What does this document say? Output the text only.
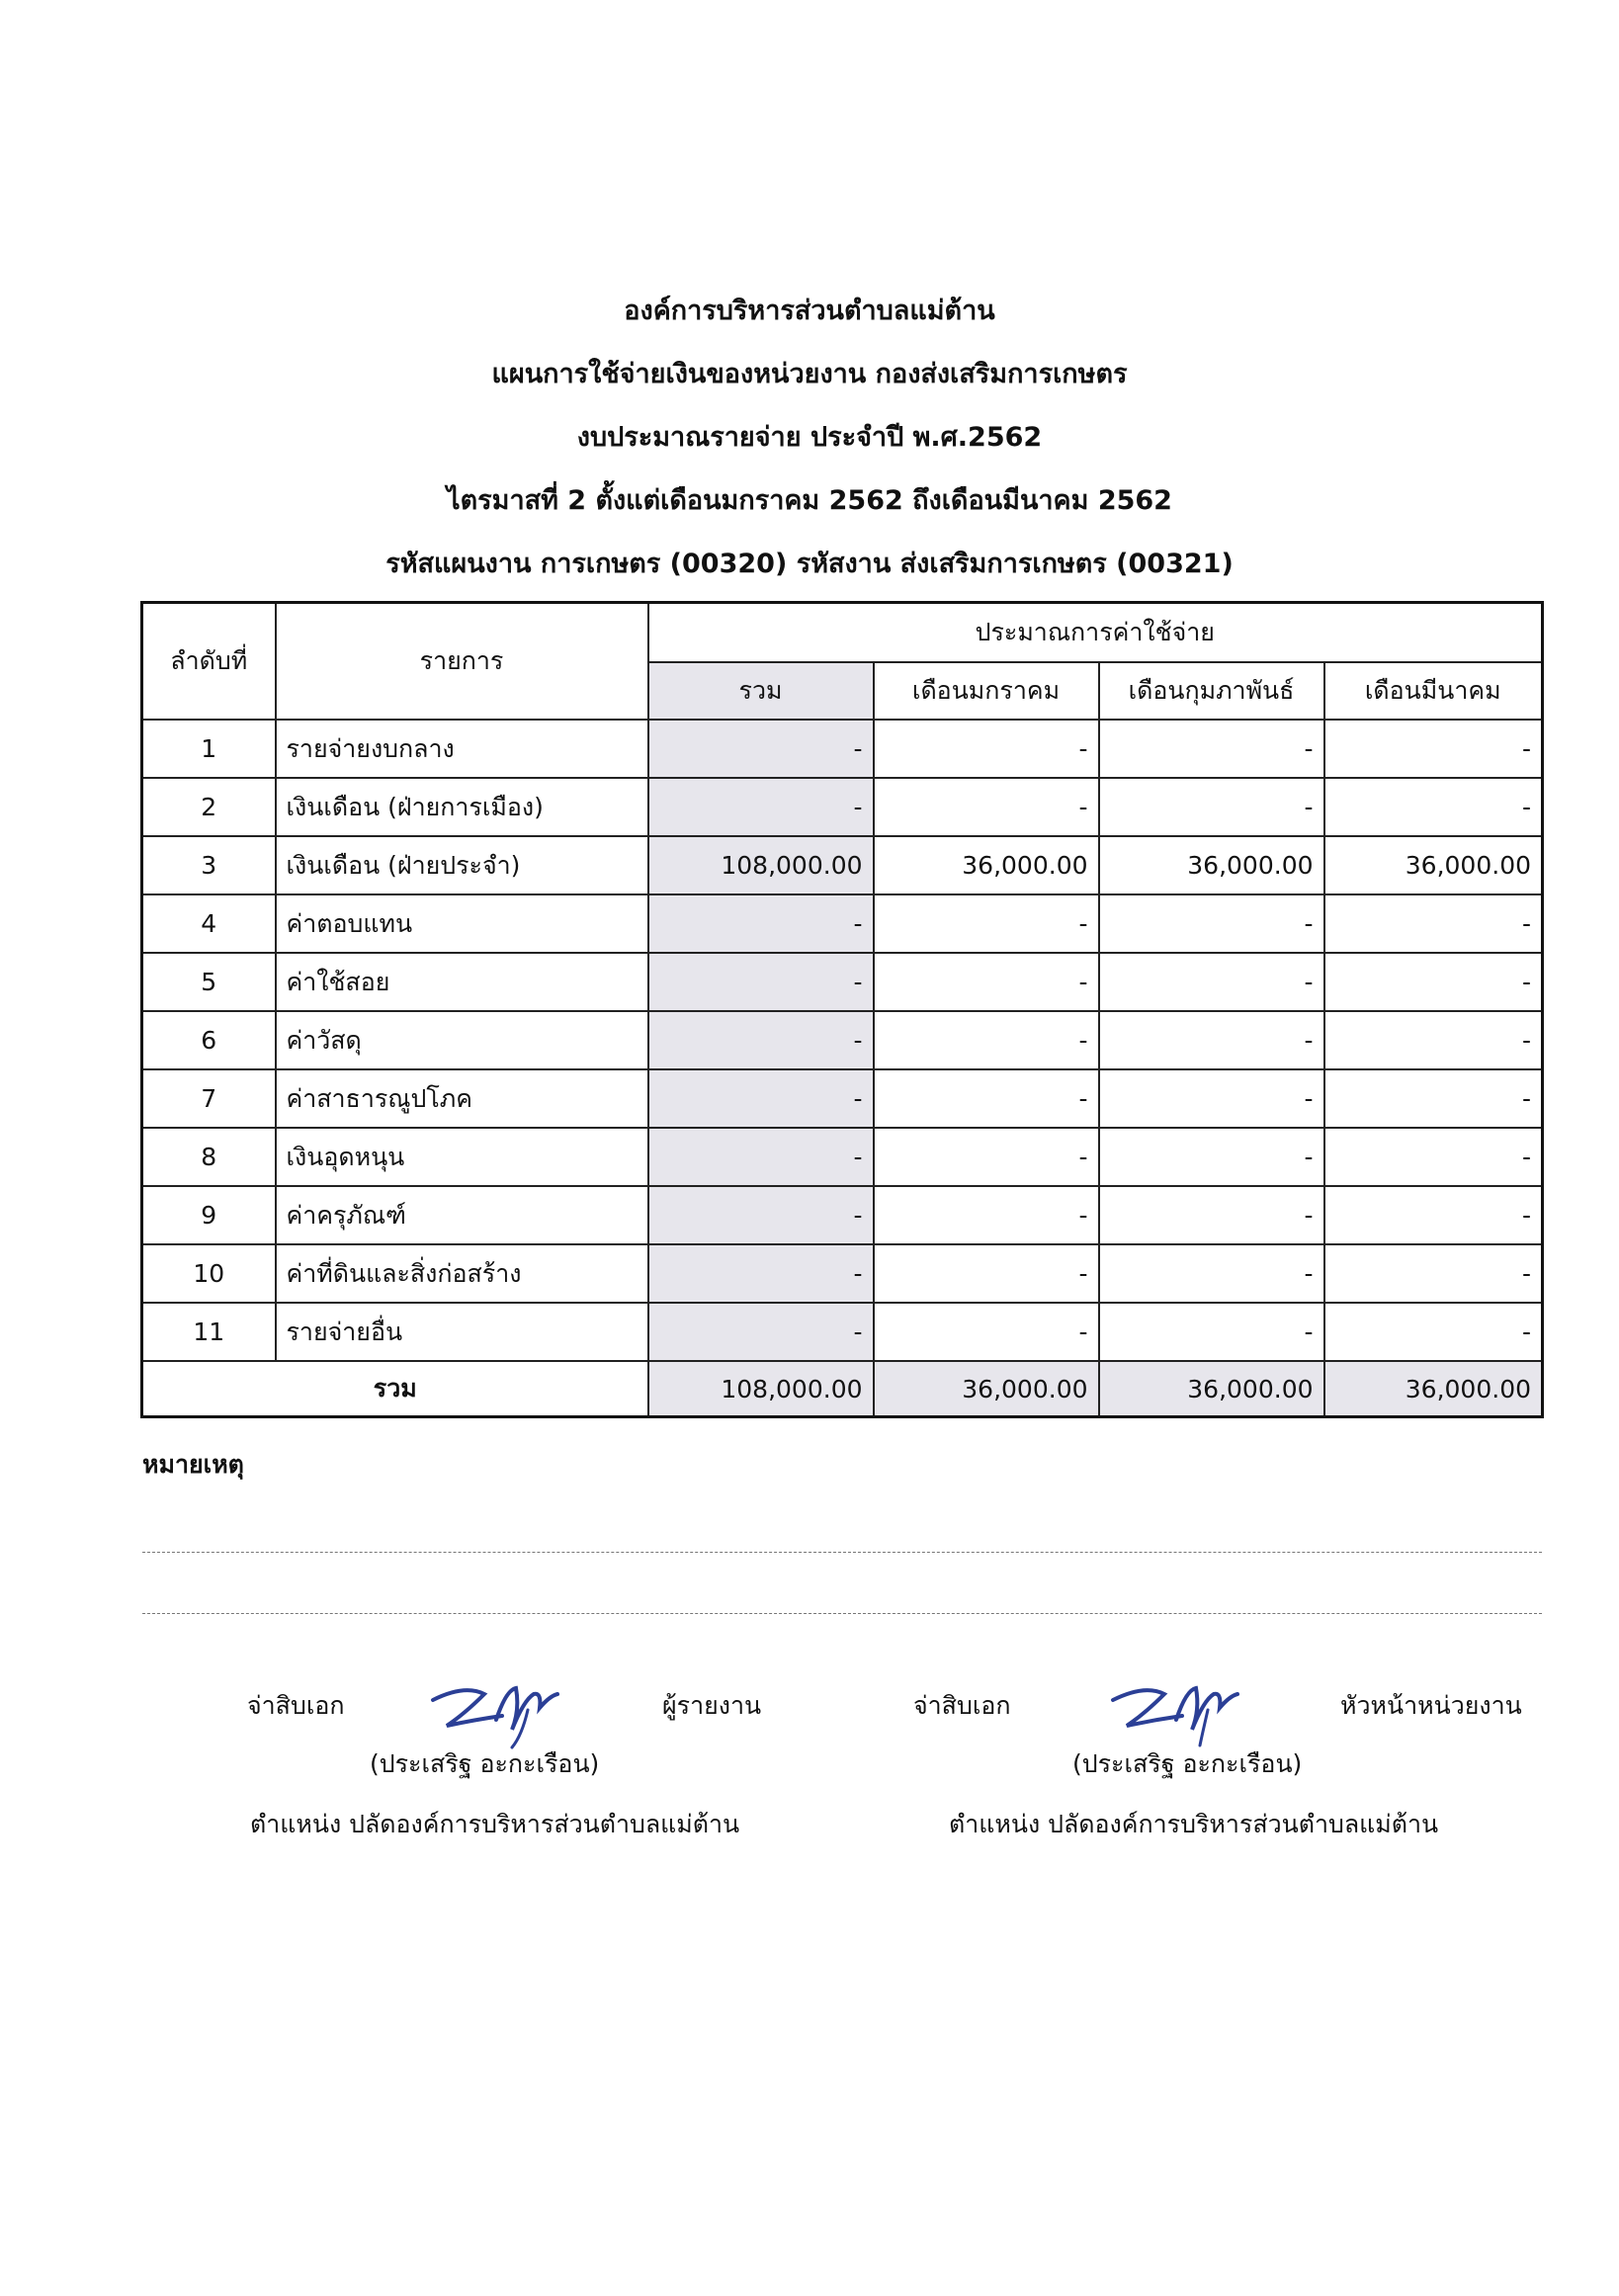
องค์การบริหารส่วนตำบลแม่ต้าน
แผนการใช้จ่ายเงินของหน่วยงาน กองส่งเสริมการเกษตร
งบประมาณรายจ่าย ประจำปี พ.ศ.2562
ไตรมาสที่ 2 ตั้งแต่เดือนมกราคม 2562 ถึงเดือนมีนาคม 2562
รหัสแผนงาน การเกษตร (00320) รหัสงาน ส่งเสริมการเกษตร (00321)
ลำดับที่	รายการ	ประมาณการค่าใช้จ่าย			
		รวม	เดือนมกราคม	เดือนกุมภาพันธ์	เดือนมีนาคม
1	รายจ่ายงบกลาง	-	-	-	-
2	เงินเดือน (ฝ่ายการเมือง)	-	-	-	-
3	เงินเดือน (ฝ่ายประจำ)	108,000.00	36,000.00	36,000.00	36,000.00
4	ค่าตอบแทน	-	-	-	-
5	ค่าใช้สอย	-	-	-	-
6	ค่าวัสดุ	-	-	-	-
7	ค่าสาธารณูปโภค	-	-	-	-
8	เงินอุดหนุน	-	-	-	-
9	ค่าครุภัณฑ์	-	-	-	-
10	ค่าที่ดินและสิ่งก่อสร้าง	-	-	-	-
11	รายจ่ายอื่น	-	-	-	-
รวม		108,000.00	36,000.00	36,000.00	36,000.00
หมายเหตุ
จ่าสิบเอก	ผู้รายงาน
(ประเสริฐ อะกะเรือน)
ตำแหน่ง ปลัดองค์การบริหารส่วนตำบลแม่ต้าน
จ่าสิบเอก	หัวหน้าหน่วยงาน
(ประเสริฐ อะกะเรือน)
ตำแหน่ง ปลัดองค์การบริหารส่วนตำบลแม่ต้าน
